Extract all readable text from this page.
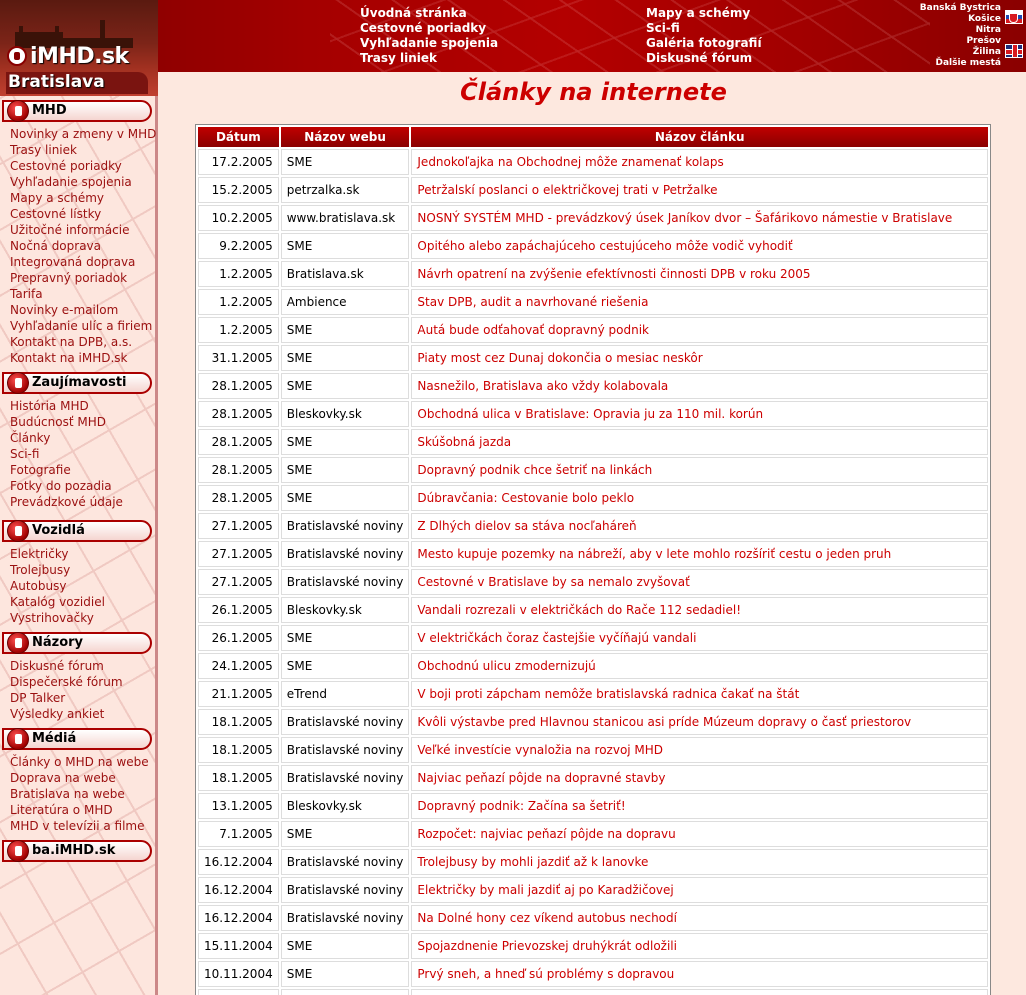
Úvodná stránka
Cestovné poriadky
Vyhľadanie spojenia
Trasy liniek
Mapy a schémy
Sci-fi
Galéria fotografií
Diskusné fórum
Banská Bystrica
Košice
Nitra
Prešov
Žilina
Ďalšie mestá
iMHD.sk
Bratislava
MHD
Novinky a zmeny v MHD
Trasy liniek
Cestovné poriadky
Vyhľadanie spojenia
Mapy a schémy
Cestovné lístky
Užitočné informácie
Nočná doprava
Integrovaná doprava
Prepravný poriadok
Tarifa
Novinky e-mailom
Vyhľadanie ulíc a firiem
Kontakt na DPB, a.s.
Kontakt na iMHD.sk
Zaujímavosti
História MHD
Budúcnosť MHD
Články
Sci-fi
Fotografie
Fotky do pozadia
Prevádzkové údaje
Vozidlá
Električky
Trolejbusy
Autobusy
Katalóg vozidiel
Vystrihovačky
Názory
Diskusné fórum
Dispečerské fórum
DP Talker
Výsledky ankiet
Médiá
Články o MHD na webe
Doprava na webe
Bratislava na webe
Literatúra o MHD
MHD v televízii a filme
ba.iMHD.sk
Články na internete
Dátum	Názov webu	Názov článku
17.2.2005	SME	Jednokoľajka na Obchodnej môže znamenať kolaps
15.2.2005	petrzalka.sk	Petržalskí poslanci o električkovej trati v Petržalke
10.2.2005	www.bratislava.sk	NOSNÝ SYSTÉM MHD - prevádzkový úsek Janíkov dvor – Šafárikovo námestie v Bratislave
9.2.2005	SME	Opitého alebo zapáchajúceho cestujúceho môže vodič vyhodiť
1.2.2005	Bratislava.sk	Návrh opatrení na zvýšenie efektívnosti činnosti DPB v roku 2005
1.2.2005	Ambience	Stav DPB, audit a navrhované riešenia
1.2.2005	SME	Autá bude odťahovať dopravný podnik
31.1.2005	SME	Piaty most cez Dunaj dokončia o mesiac neskôr
28.1.2005	SME	Nasnežilo, Bratislava ako vždy kolabovala
28.1.2005	Bleskovky.sk	Obchodná ulica v Bratislave: Opravia ju za 110 mil. korún
28.1.2005	SME	Skúšobná jazda
28.1.2005	SME	Dopravný podnik chce šetriť na linkách
28.1.2005	SME	Dúbravčania: Cestovanie bolo peklo
27.1.2005	Bratislavské noviny	Z Dlhých dielov sa stáva nocľaháreň
27.1.2005	Bratislavské noviny	Mesto kupuje pozemky na nábreží, aby v lete mohlo rozšíriť cestu o jeden pruh
27.1.2005	Bratislavské noviny	Cestovné v Bratislave by sa nemalo zvyšovať
26.1.2005	Bleskovky.sk	Vandali rozrezali v električkách do Rače 112 sedadiel!
26.1.2005	SME	V električkách čoraz častejšie vyčíňajú vandali
24.1.2005	SME	Obchodnú ulicu zmodernizujú
21.1.2005	eTrend	V boji proti zápcham nemôže bratislavská radnica čakať na štát
18.1.2005	Bratislavské noviny	Kvôli výstavbe pred Hlavnou stanicou asi príde Múzeum dopravy o časť priestorov
18.1.2005	Bratislavské noviny	Veľké investície vynaložia na rozvoj MHD
18.1.2005	Bratislavské noviny	Najviac peňazí pôjde na dopravné stavby
13.1.2005	Bleskovky.sk	Dopravný podnik: Začína sa šetriť!
7.1.2005	SME	Rozpočet: najviac peňazí pôjde na dopravu
16.12.2004	Bratislavské noviny	Trolejbusy by mohli jazdiť až k lanovke
16.12.2004	Bratislavské noviny	Električky by mali jazdiť aj po Karadžičovej
16.12.2004	Bratislavské noviny	Na Dolné hony cez víkend autobus nechodí
15.11.2004	SME	Spojazdnenie Prievozskej druhýkrát odložili
10.11.2004	SME	Prvý sneh, a hneď sú problémy s dopravou
